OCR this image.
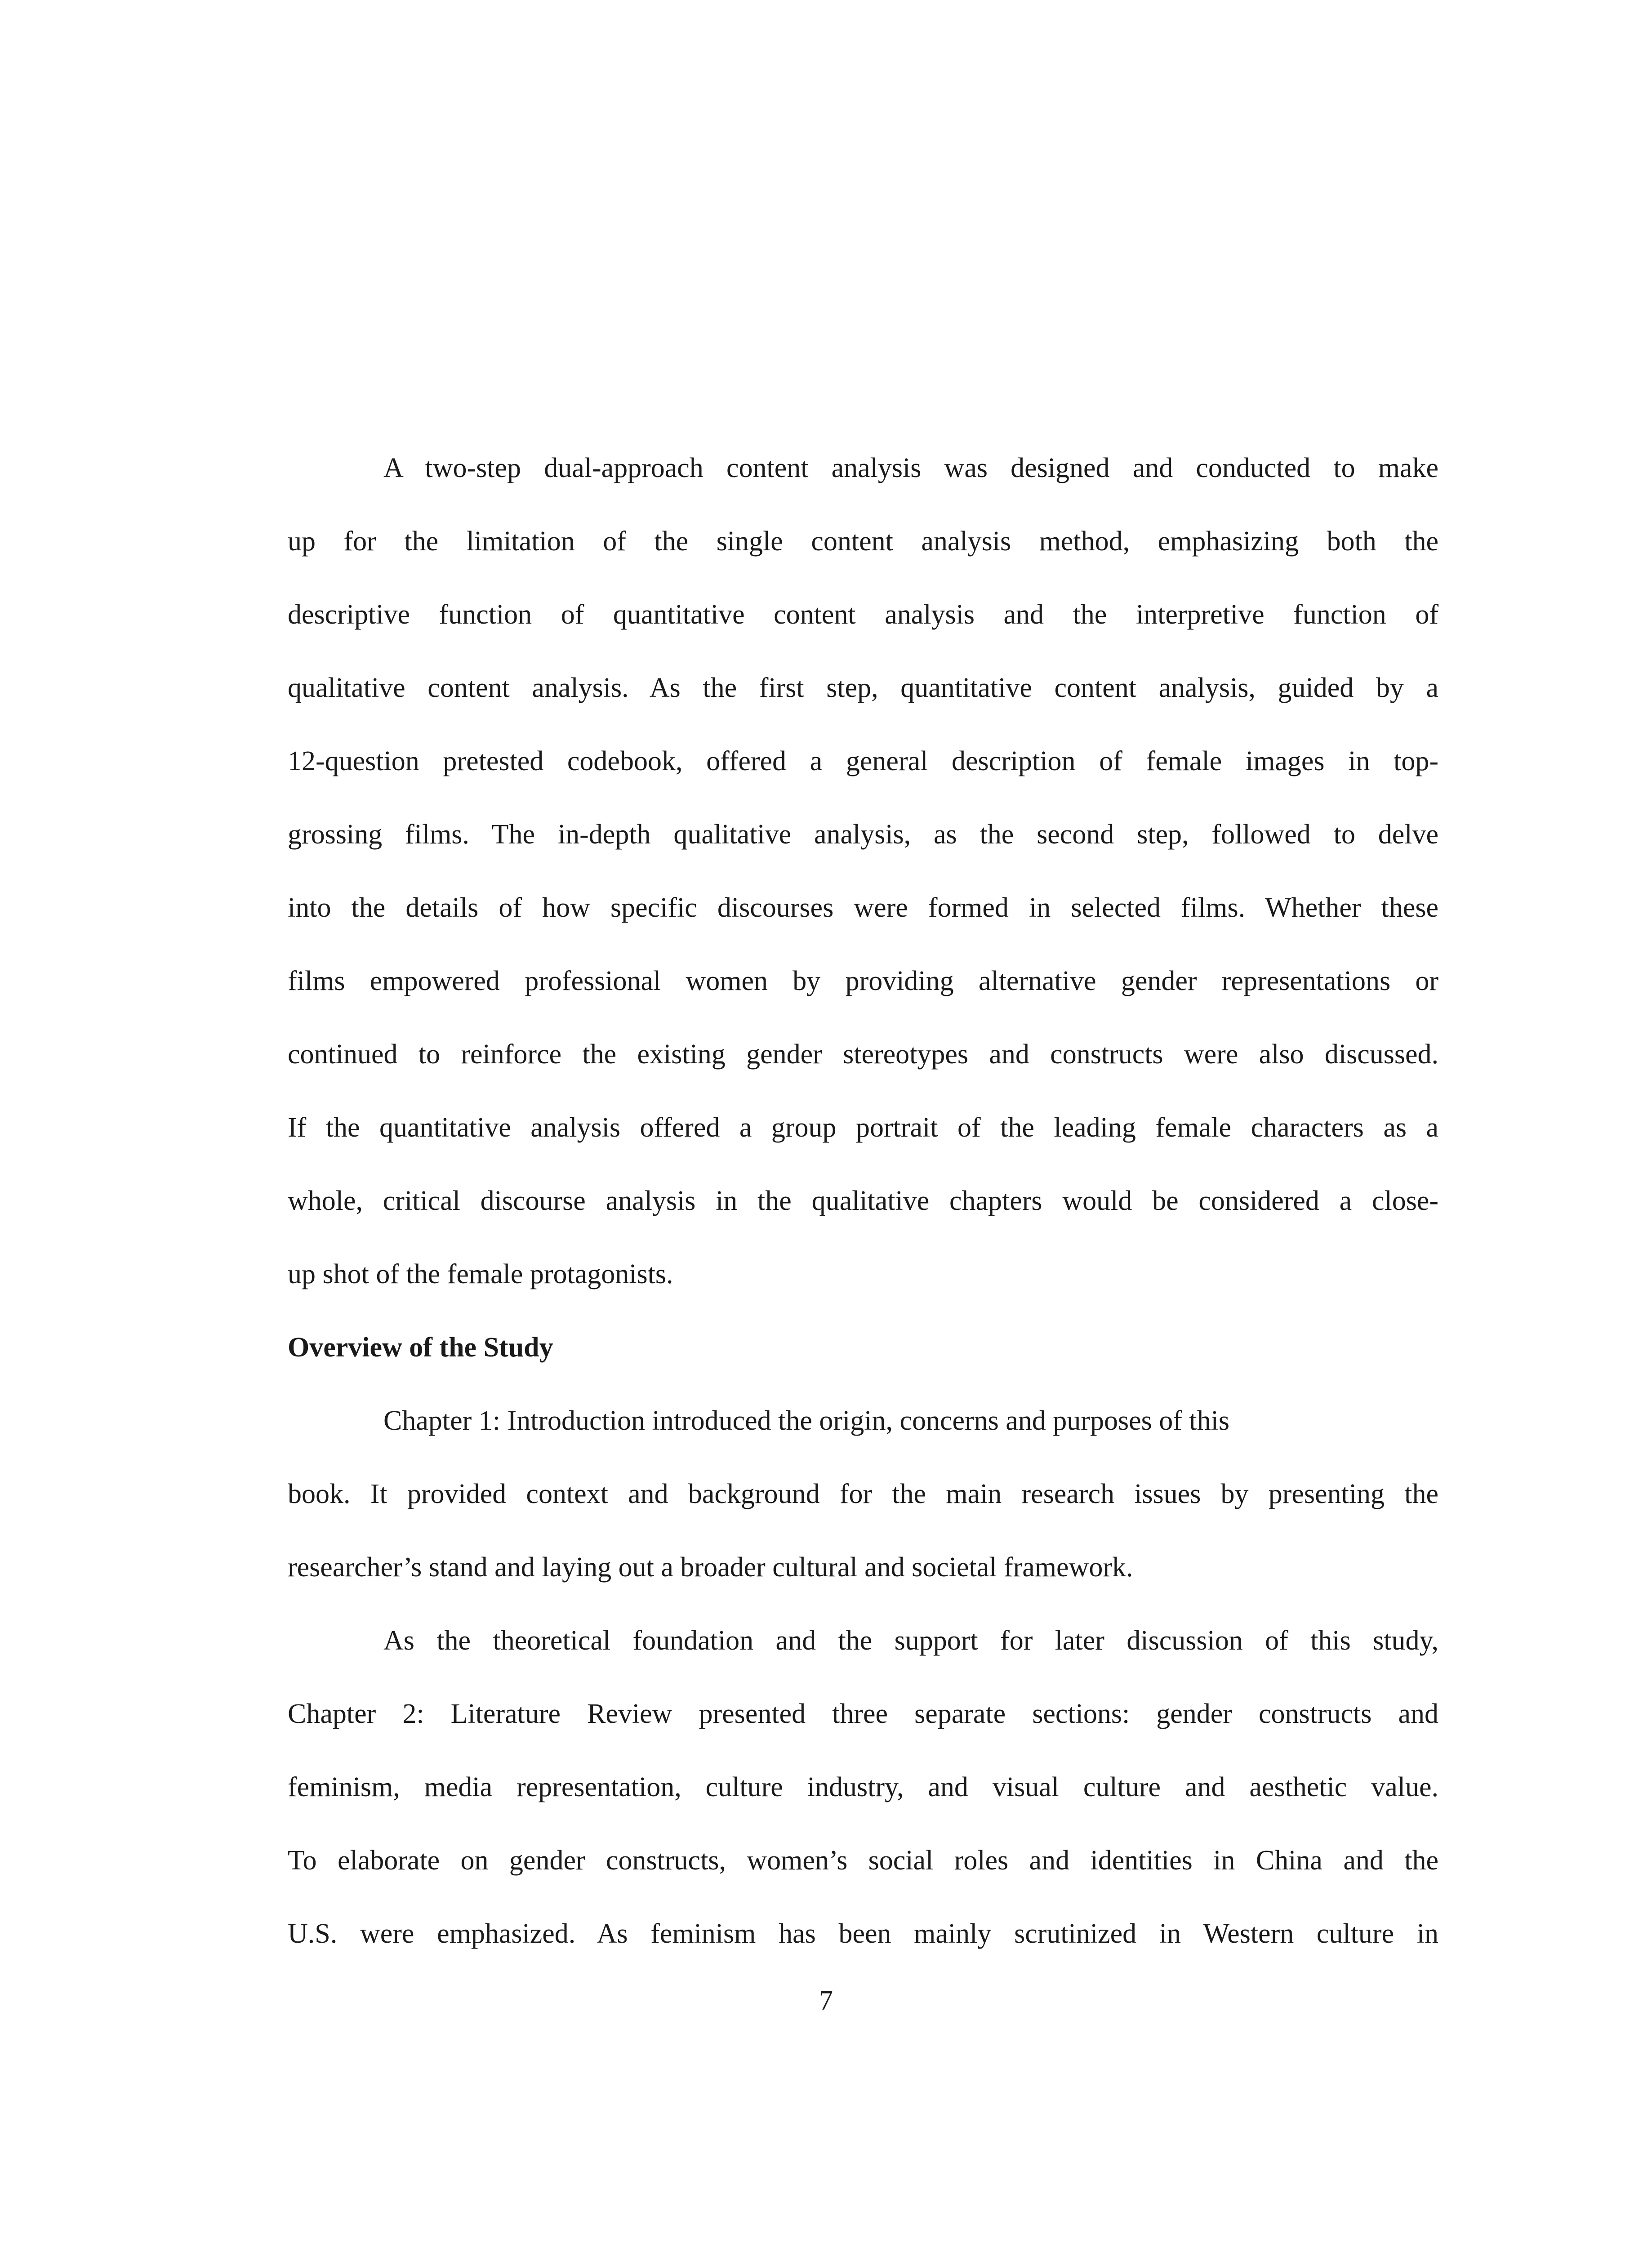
A two-step dual-approach content analysis was designed and conducted to make
up for the limitation of the single content analysis method, emphasizing both the
descriptive function of quantitative content analysis and the interpretive function of
qualitative content analysis. As the first step, quantitative content analysis, guided by a
12-question pretested codebook, offered a general description of female images in top-
grossing films. The in-depth qualitative analysis, as the second step, followed to delve
into the details of how specific discourses were formed in selected films. Whether these
films empowered professional women by providing alternative gender representations or
continued to reinforce the existing gender stereotypes and constructs were also discussed.
If the quantitative analysis offered a group portrait of the leading female characters as a
whole, critical discourse analysis in the qualitative chapters would be considered a close-
up shot of the female protagonists.
Overview of the Study
Chapter 1: Introduction introduced the origin, concerns and purposes of this
book. It provided context and background for the main research issues by presenting the
researcher’s stand and laying out a broader cultural and societal framework.
As the theoretical foundation and the support for later discussion of this study,
Chapter 2: Literature Review presented three separate sections: gender constructs and
feminism, media representation, culture industry, and visual culture and aesthetic value.
To elaborate on gender constructs, women’s social roles and identities in China and the
U.S. were emphasized. As feminism has been mainly scrutinized in Western culture in
7
